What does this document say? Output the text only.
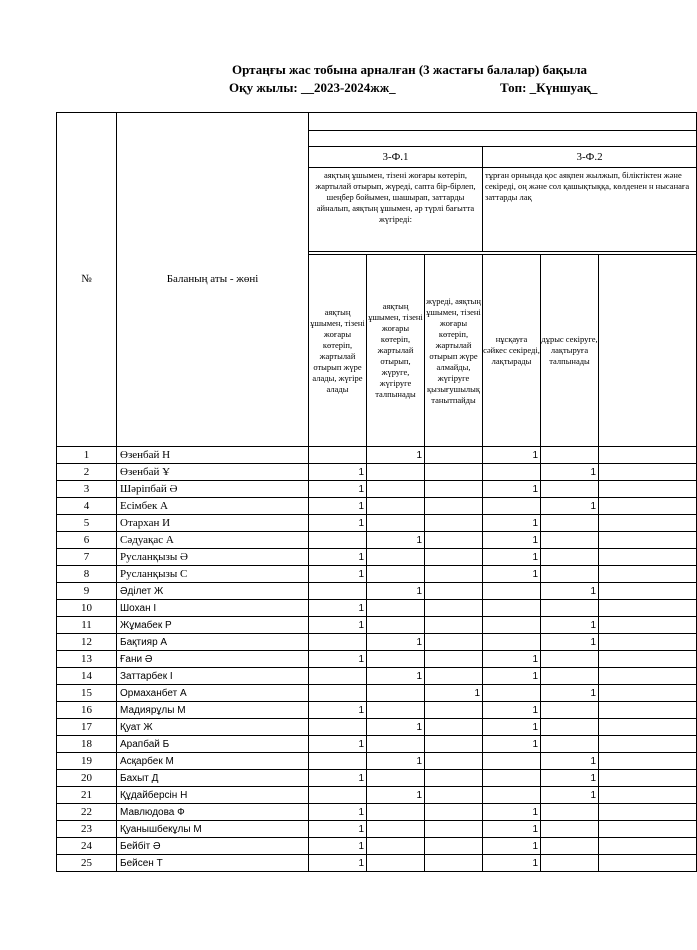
Ортаңғы жас тобына арналған (3 жастағы балалар) бақыла
Оқу жылы: __2023-2024жж_	Топ: _Күншуақ_
№	Баланың аты - жөні						

		3-Ф.1			3-Ф.2		
		аяқтың ұшымен, тізені жоғары көтеріп, жартылай отырып, жүреді, сапта бір-бірлеп, шеңбер бойымен, шашырап, заттарды айналып, аяқтың ұшымен, әр түрлі бағытта жүгіреді:			тұрған орнында қос аяқпен жылжып, біліктіктен және секіреді, оң және сол қашықтыққа, көлденен н нысанаға заттарды лақ		

		аяқтың ұшымен, тізені жоғары көтеріп, жартылай отырып жүре алады, жүгіре алады	аяқтың ұшымен, тізені жоғары көтеріп, жартылай отырып, жүруге, жүгіруге талпынады	жүреді, аяқтың ұшымен, тізені жоғары көтеріп, жартылай отырып жүре алмайды, жүгіруге қызығушылық танытпайды	нұсқауға сәйкес секіреді, лақтырады	дұрыс секіруге, лақтыруға талпынады	
1	Өзенбай Н		1		1		
2	Өзенбай Ұ	1				1	
3	Шәріпбай Ә	1			1		
4	Есімбек А	1				1	
5	Отархан И	1			1		
6	Сәдуақас А		1		1		
7	Русланқызы Ә	1			1		
8	Русланқызы С	1			1		
9	Әділет Ж		1			1	
10	Шохан І	1					
11	Жұмабек Р	1				1	
12	Бақтияр А		1			1	
13	Ғани Ә	1			1		
14	Заттарбек І		1		1		
15	Ормаханбет А			1		1	
16	Мадиярұлы М	1			1		
17	Қуат Ж		1		1		
18	Арапбай Б	1			1		
19	Асқарбек М		1			1	
20	Бахыт Д	1				1	
21	Құдайберсін Н		1			1	
22	Мавлюдова Ф	1			1		
23	Қуанышбекұлы М	1			1		
24	Бейбіт Ә	1			1		
25	Бейсен Т	1			1		
